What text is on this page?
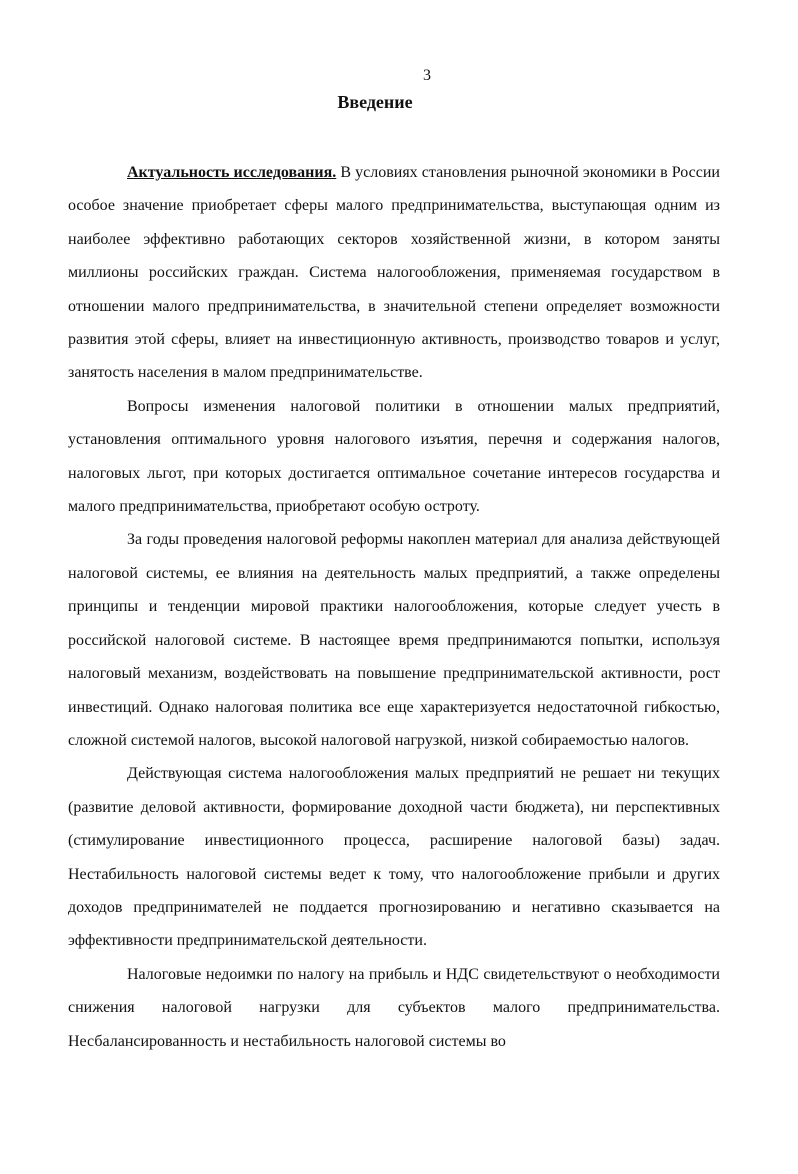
3
Введение

Актуальность исследования. В условиях становления рыночной экономики в России особое значение приобретает сферы малого предпринимательства, выступающая одним из наиболее эффективно работающих секторов хозяйственной жизни, в котором заняты миллионы российских граждан. Система налогообложения, применяемая государством в отношении малого предпринимательства, в значительной степени определяет возможности развития этой сферы, влияет на инвестиционную активность, производство товаров и услуг, занятость населения в малом предпринимательстве.

Вопросы изменения налоговой политики в отношении малых предприятий, установления оптимального уровня налогового изъятия, перечня и содержания налогов, налоговых льгот, при которых достигается оптимальное сочетание интересов государства и малого предпринимательства, приобретают особую остроту.

За годы проведения налоговой реформы накоплен материал для анализа действующей налоговой системы, ее влияния на деятельность малых предприятий, а также определены принципы и тенденции мировой практики налогообложения, которые следует учесть в российской налоговой системе. В настоящее время предпринимаются попытки, используя налоговый механизм, воздействовать на повышение предпринимательской активности, рост инвестиций. Однако налоговая политика все еще характеризуется недостаточной гибкостью, сложной системой налогов, высокой налоговой нагрузкой, низкой собираемостью налогов.

Действующая система налогообложения малых предприятий не решает ни текущих (развитие деловой активности, формирование доходной части бюджета), ни перспективных (стимулирование инвестиционного процесса, расширение налоговой базы) задач. Нестабильность налоговой системы ведет к тому, что налогообложение прибыли и других доходов предпринимателей не поддается прогнозированию и негативно сказывается на эффективности предпринимательской деятельности.

Налоговые недоимки по налогу на прибыль и НДС свидетельствуют о необходимости снижения налоговой нагрузки для субъектов малого предпринимательства. Несбалансированность и нестабильность налоговой системы во
